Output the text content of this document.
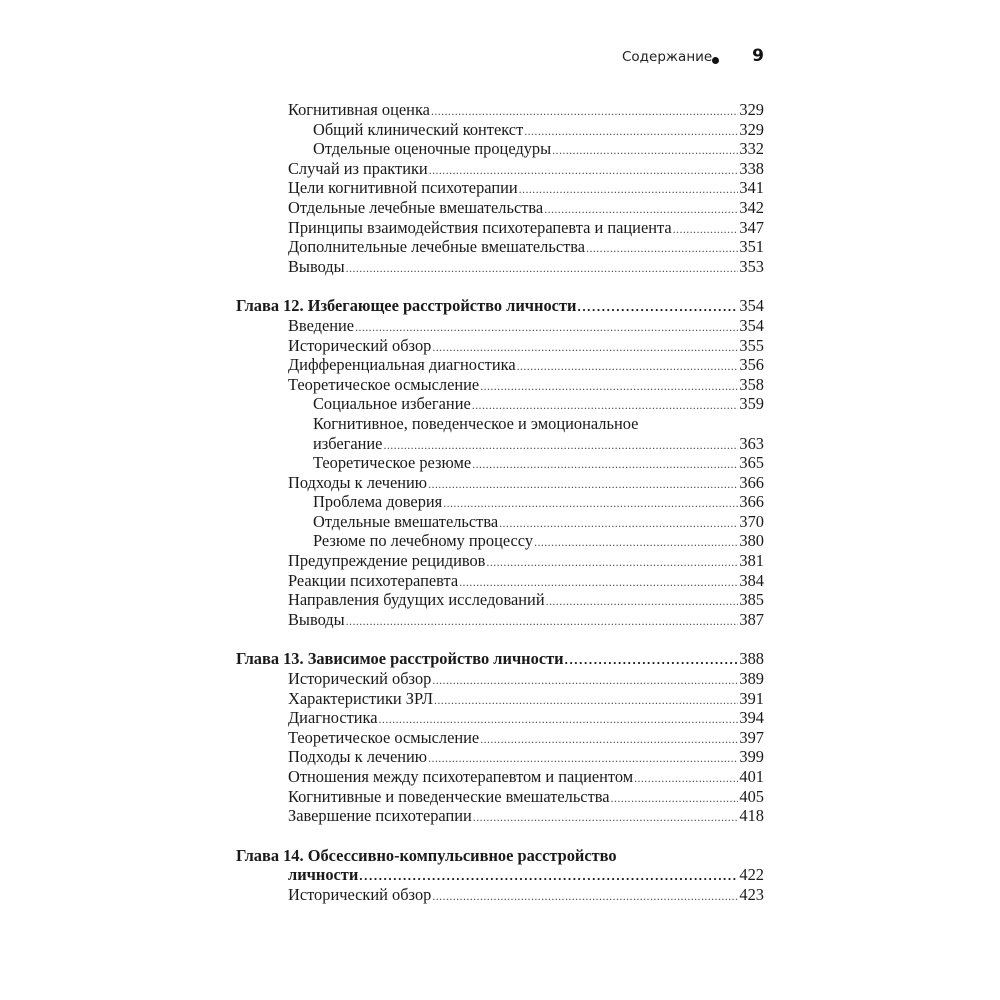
Содержание 9
Когнитивная оценка .....	329
Общий клинический контекст .....	329
Отдельные оценочные процедуры .....	332
Случай из практики .....	338
Цели когнитивной психотерапии .....	341
Отдельные лечебные вмешательства .....	342
Принципы взаимодействия психотерапевта и пациента .....	347
Дополнительные лечебные вмешательства .....	351
Выводы .....	353
Глава 12. Избегающее расстройство личности .....	354
Введение .....	354
Исторический обзор .....	355
Дифференциальная диагностика .....	356
Теоретическое осмысление .....	358
Социальное избегание .....	359
Когнитивное, поведенческое и эмоциональное
избегание .....	363
Теоретическое резюме .....	365
Подходы к лечению .....	366
Проблема доверия .....	366
Отдельные вмешательства .....	370
Резюме по лечебному процессу .....	380
Предупреждение рецидивов .....	381
Реакции психотерапевта .....	384
Направления будущих исследований .....	385
Выводы .....	387
Глава 13. Зависимое расстройство личности .....	388
Исторический обзор .....	389
Характеристики ЗРЛ .....	391
Диагностика .....	394
Теоретическое осмысление .....	397
Подходы к лечению .....	399
Отношения между психотерапевтом и пациентом .....	401
Когнитивные и поведенческие вмешательства .....	405
Завершение психотерапии .....	418
Глава 14. Обсессивно-компульсивное расстройство
личности .....	422
Исторический обзор .....	423
